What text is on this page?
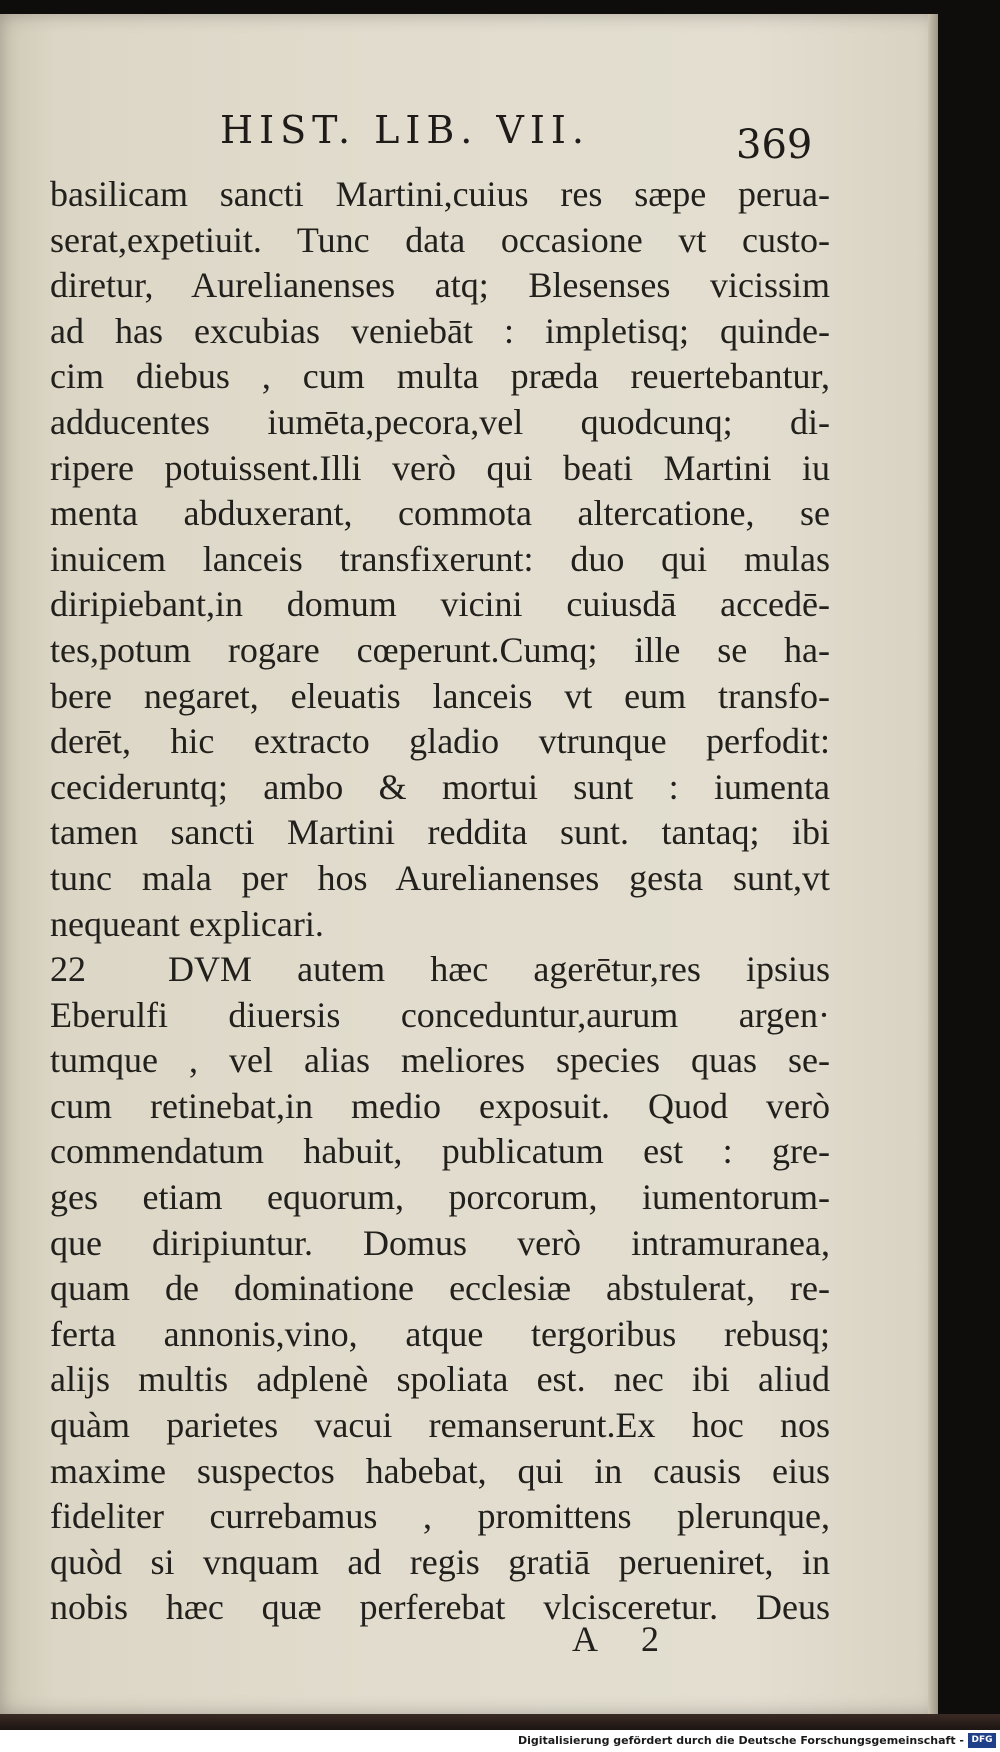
HIST. LIB. VII.	369
basilicam sancti Martini,cuius res sæpe perua-
serat,expetiuit. Tunc data occasione vt custo-
diretur, Aurelianenses atq; Blesenses vicissim
ad has excubias veniebāt : impletisq; quinde-
cim diebus , cum multa præda reuertebantur,
adducentes iumēta,pecora,vel quodcunq; di-
ripere potuissent.Illi verò qui beati Martini iu
menta abduxerant, commota altercatione, se
inuicem lanceis transfixerunt: duo qui mulas
diripiebant,in domum vicini cuiusdā accedē-
tes,potum rogare cœperunt.Cumq; ille se ha-
bere negaret, eleuatis lanceis vt eum transfo-
derēt, hic extracto gladio vtrunque perfodit:
cecideruntq; ambo & mortui sunt : iumenta
tamen sancti Martini reddita sunt. tantaq; ibi
tunc mala per hos Aurelianenses gesta sunt,vt
nequeant explicari.
22 DVM autem hæc agerētur,res ipsius
Eberulfi diuersis conceduntur,aurum argen·
tumque , vel alias meliores species quas se-
cum retinebat,in medio exposuit. Quod verò
commendatum habuit, publicatum est : gre-
ges etiam equorum, porcorum, iumentorum-
que diripiuntur. Domus verò intramuranea,
quam de dominatione ecclesiæ abstulerat, re-
ferta annonis,vino, atque tergoribus rebusq;
alijs multis adplenè spoliata est. nec ibi aliud
quàm parietes vacui remanserunt.Ex hoc nos
maxime suspectos habebat, qui in causis eius
fideliter currebamus , promittens plerunque,
quòd si vnquam ad regis gratiā perueniret, in
nobis hæc quæ perferebat vlcisceretur. Deus
A 2
Digitalisierung gefördert durch die Deutsche Forschungsgemeinschaft - DFG
